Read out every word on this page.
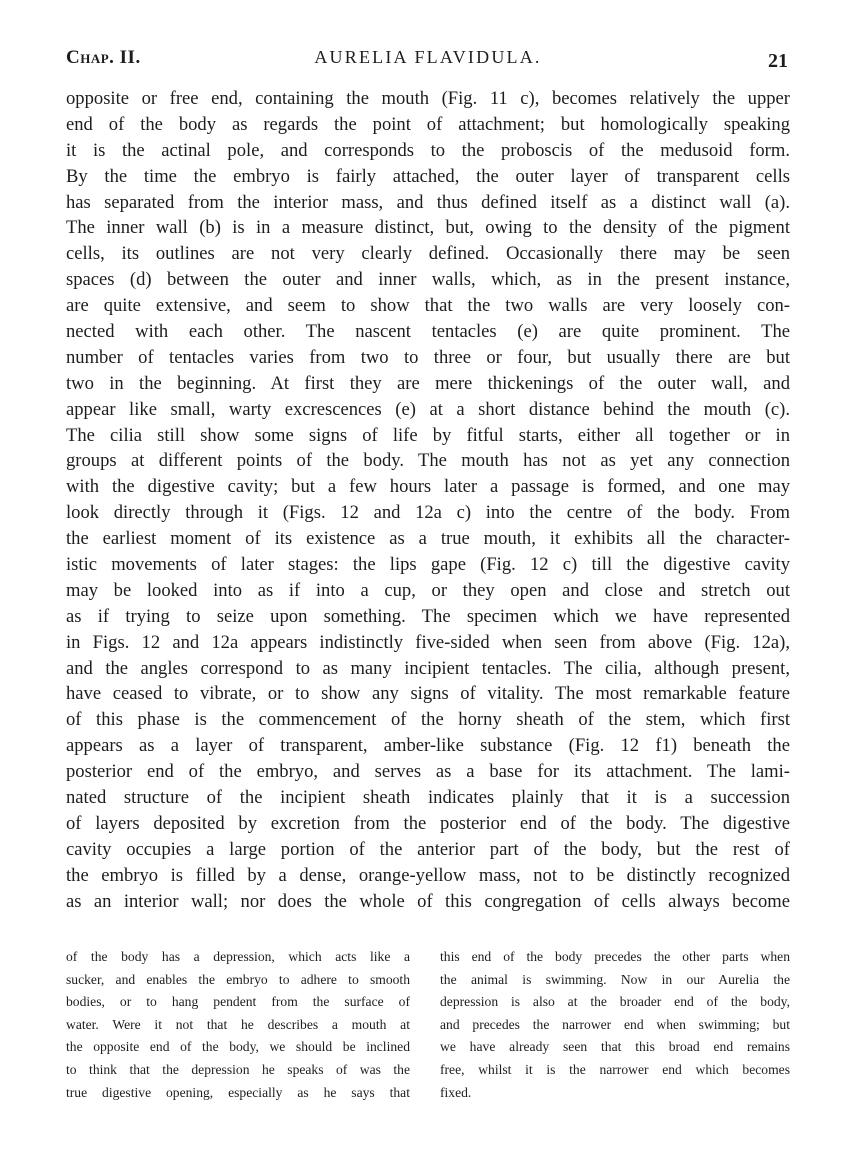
Chap. II.	AURELIA FLAVIDULA.	21
opposite or free end, containing the mouth (Fig. 11 c), becomes relatively the upper
end of the body as regards the point of attachment; but homologically speaking
it is the actinal pole, and corresponds to the proboscis of the medusoid form.
By the time the embryo is fairly attached, the outer layer of transparent cells
has separated from the interior mass, and thus defined itself as a distinct wall (a).
The inner wall (b) is in a measure distinct, but, owing to the density of the pigment
cells, its outlines are not very clearly defined. Occasionally there may be seen
spaces (d) between the outer and inner walls, which, as in the present instance,
are quite extensive, and seem to show that the two walls are very loosely con-
nected with each other. The nascent tentacles (e) are quite prominent. The
number of tentacles varies from two to three or four, but usually there are but
two in the beginning. At first they are mere thickenings of the outer wall, and
appear like small, warty excrescences (e) at a short distance behind the mouth (c).
The cilia still show some signs of life by fitful starts, either all together or in
groups at different points of the body. The mouth has not as yet any connection
with the digestive cavity; but a few hours later a passage is formed, and one may
look directly through it (Figs. 12 and 12a c) into the centre of the body. From
the earliest moment of its existence as a true mouth, it exhibits all the character-
istic movements of later stages: the lips gape (Fig. 12 c) till the digestive cavity
may be looked into as if into a cup, or they open and close and stretch out
as if trying to seize upon something. The specimen which we have represented
in Figs. 12 and 12a appears indistinctly five-sided when seen from above (Fig. 12a),
and the angles correspond to as many incipient tentacles. The cilia, although present,
have ceased to vibrate, or to show any signs of vitality. The most remarkable feature
of this phase is the commencement of the horny sheath of the stem, which first
appears as a layer of transparent, amber-like substance (Fig. 12 f1) beneath the
posterior end of the embryo, and serves as a base for its attachment. The lami-
nated structure of the incipient sheath indicates plainly that it is a succession
of layers deposited by excretion from the posterior end of the body. The digestive
cavity occupies a large portion of the anterior part of the body, but the rest of
the embryo is filled by a dense, orange-yellow mass, not to be distinctly recognized
as an interior wall; nor does the whole of this congregation of cells always become
of the body has a depression, which acts like a
sucker, and enables the embryo to adhere to smooth
bodies, or to hang pendent from the surface of
water. Were it not that he describes a mouth at
the opposite end of the body, we should be inclined
to think that the depression he speaks of was the
true digestive opening, especially as he says that
this end of the body precedes the other parts when
the animal is swimming. Now in our Aurelia the
depression is also at the broader end of the body,
and precedes the narrower end when swimming; but
we have already seen that this broad end remains
free, whilst it is the narrower end which becomes
fixed.
